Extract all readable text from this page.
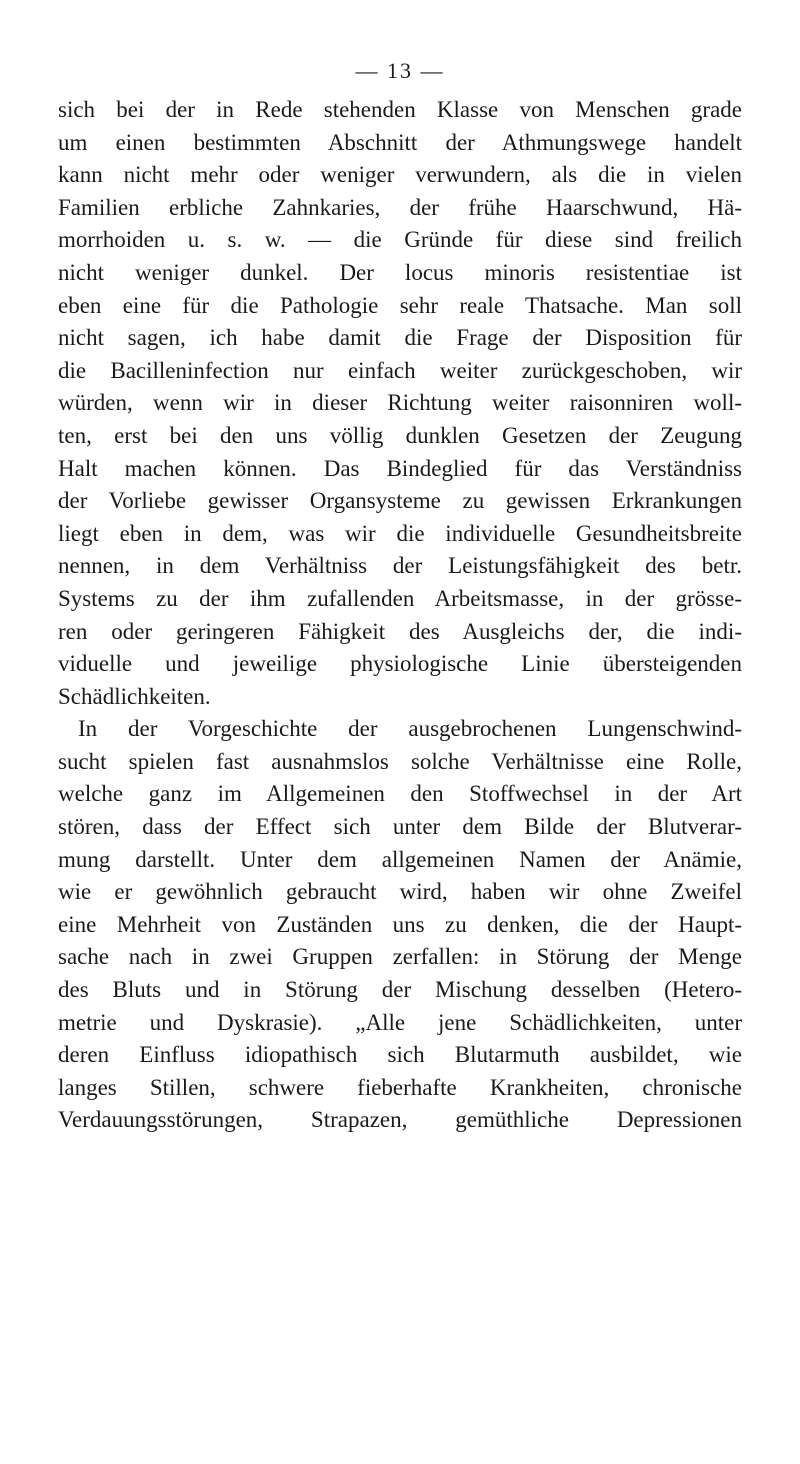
— 13 —
sich bei der in Rede stehenden Klasse von Menschen grade
um einen bestimmten Abschnitt der Athmungswege handelt
kann nicht mehr oder weniger verwundern, als die in vielen
Familien erbliche Zahnkaries, der frühe Haarschwund, Hä-
morrhoiden u. s. w. — die Gründe für diese sind freilich
nicht weniger dunkel. Der locus minoris resistentiae ist
eben eine für die Pathologie sehr reale Thatsache. Man soll
nicht sagen, ich habe damit die Frage der Disposition für
die Bacilleninfection nur einfach weiter zurückgeschoben, wir
würden, wenn wir in dieser Richtung weiter raisonniren woll-
ten, erst bei den uns völlig dunklen Gesetzen der Zeugung
Halt machen können. Das Bindeglied für das Verständniss
der Vorliebe gewisser Organsysteme zu gewissen Erkrankungen
liegt eben in dem, was wir die individuelle Gesundheitsbreite
nennen, in dem Verhältniss der Leistungsfähigkeit des betr.
Systems zu der ihm zufallenden Arbeitsmasse, in der grösse-
ren oder geringeren Fähigkeit des Ausgleichs der, die indi-
viduelle und jeweilige physiologische Linie übersteigenden
Schädlichkeiten.
In der Vorgeschichte der ausgebrochenen Lungenschwind-
sucht spielen fast ausnahmslos solche Verhältnisse eine Rolle,
welche ganz im Allgemeinen den Stoffwechsel in der Art
stören, dass der Effect sich unter dem Bilde der Blutverar-
mung darstellt. Unter dem allgemeinen Namen der Anämie,
wie er gewöhnlich gebraucht wird, haben wir ohne Zweifel
eine Mehrheit von Zuständen uns zu denken, die der Haupt-
sache nach in zwei Gruppen zerfallen: in Störung der Menge
des Bluts und in Störung der Mischung desselben (Hetero-
metrie und Dyskrasie). „Alle jene Schädlichkeiten, unter
deren Einfluss idiopathisch sich Blutarmuth ausbildet, wie
langes Stillen, schwere fieberhafte Krankheiten, chronische
Verdauungsstörungen, Strapazen, gemüthliche Depressionen
